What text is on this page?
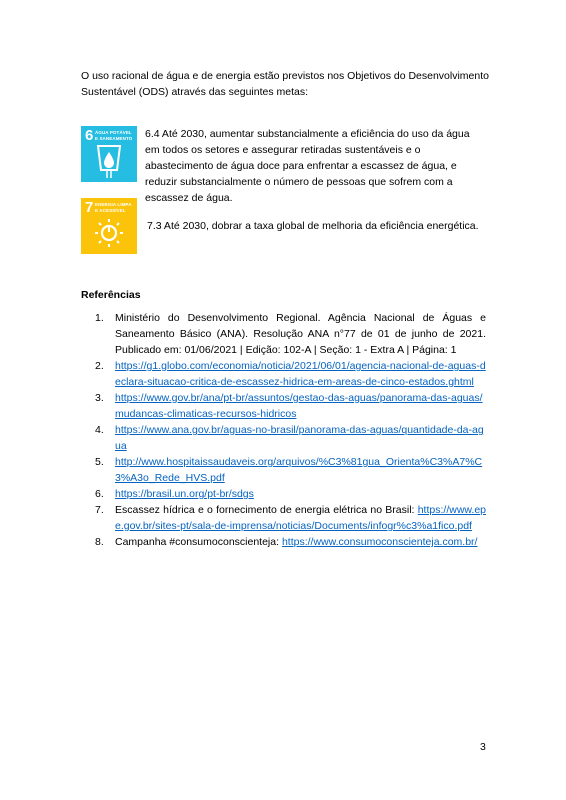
O uso racional de água e de energia estão previstos nos Objetivos do Desenvolvimento Sustentável (ODS) através das seguintes metas:

6 ÁGUA POTÁVEL E SANEAMENTO 6.4 Até 2030, aumentar substancialmente a eficiência do uso da água em todos os setores e assegurar retiradas sustentáveis e o abastecimento de água doce para enfrentar a escassez de água, e reduzir substancialmente o número de pessoas que sofrem com a escassez de água.

7 ENERGIA LIMPA E ACESSÍVEL

7.3 Até 2030, dobrar a taxa global de melhoria da eficiência energética.

Referências
1. Ministério do Desenvolvimento Regional. Agência Nacional de Águas e Saneamento Básico (ANA). Resolução ANA n°77 de 01 de junho de 2021. Publicado em: 01/06/2021 | Edição: 102-A | Seção: 1 - Extra A | Página: 1
2. https://g1.globo.com/economia/noticia/2021/06/01/agencia-nacional-de-aguas-declara-situacao-critica-de-escassez-hidrica-em-areas-de-cinco-estados.ghtml
3. https://www.gov.br/ana/pt-br/assuntos/gestao-das-aguas/panorama-das-aguas/mudancas-climaticas-recursos-hidricos
4. https://www.ana.gov.br/aguas-no-brasil/panorama-das-aguas/quantidade-da-agua
5. http://www.hospitaissaudaveis.org/arquivos/%C3%81gua_Orienta%C3%A7%C3%A3o_Rede_HVS.pdf
6. https://brasil.un.org/pt-br/sdgs
7. Escassez hídrica e o fornecimento de energia elétrica no Brasil: https://www.epe.gov.br/sites-pt/sala-de-imprensa/noticias/Documents/infogr%c3%a1fico.pdf
8. Campanha #consumoconscienteja: https://www.consumoconscienteja.com.br/
3
